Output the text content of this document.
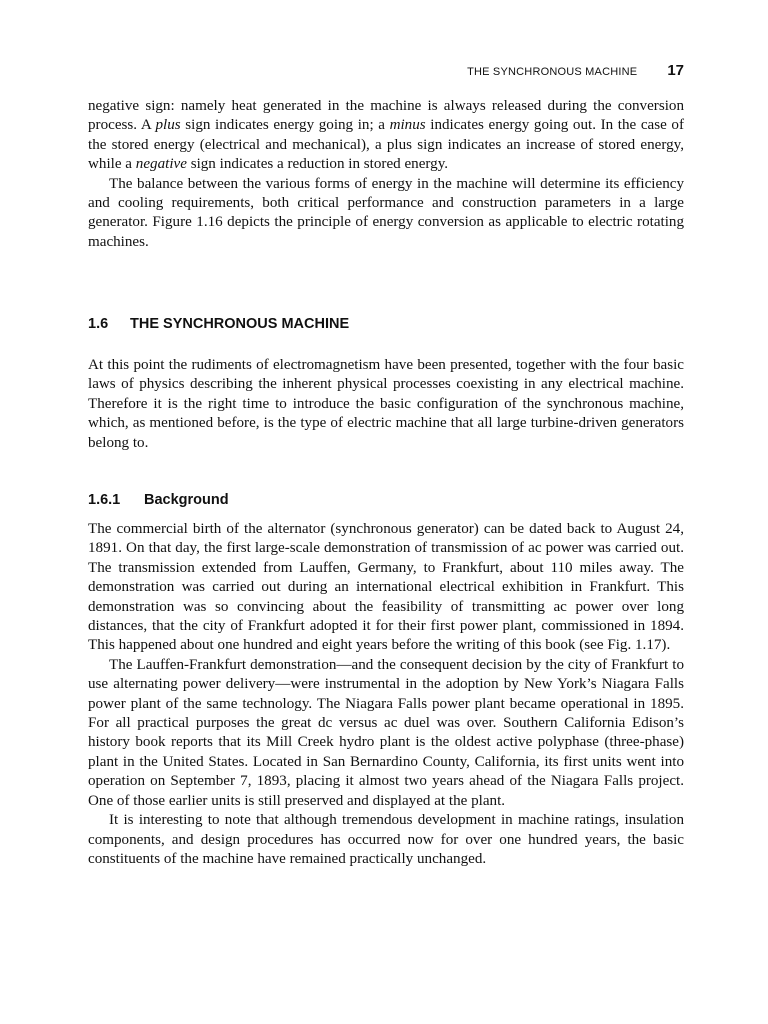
THE SYNCHRONOUS MACHINE 17

negative sign: namely heat generated in the machine is always released during the conversion process. A plus sign indicates energy going in; a minus indicates energy going out. In the case of the stored energy (electrical and mechanical), a plus sign indicates an increase of stored energy, while a negative sign indicates a reduction in stored energy.

The balance between the various forms of energy in the machine will determine its efficiency and cooling requirements, both critical performance and construction parameters in a large generator. Figure 1.16 depicts the principle of energy conversion as applicable to electric rotating machines.

1.6 THE SYNCHRONOUS MACHINE

At this point the rudiments of electromagnetism have been presented, together with the four basic laws of physics describing the inherent physical processes coexisting in any electrical machine. Therefore it is the right time to introduce the basic configuration of the synchronous machine, which, as mentioned before, is the type of electric machine that all large turbine-driven generators belong to.

1.6.1 Background

The commercial birth of the alternator (synchronous generator) can be dated back to August 24, 1891. On that day, the first large-scale demonstration of transmission of ac power was carried out. The transmission extended from Lauffen, Germany, to Frankfurt, about 110 miles away. The demonstration was carried out during an international electrical exhibition in Frankfurt. This demonstration was so convincing about the feasibility of transmitting ac power over long distances, that the city of Frankfurt adopted it for their first power plant, commissioned in 1894. This happened about one hundred and eight years before the writing of this book (see Fig. 1.17).

The Lauffen-Frankfurt demonstration—and the consequent decision by the city of Frankfurt to use alternating power delivery—were instrumental in the adoption by New York’s Niagara Falls power plant of the same technology. The Niagara Falls power plant became operational in 1895. For all practical purposes the great dc versus ac duel was over. Southern California Edison’s history book reports that its Mill Creek hydro plant is the oldest active polyphase (three-phase) plant in the United States. Located in San Bernardino County, California, its first units went into operation on September 7, 1893, placing it almost two years ahead of the Niagara Falls project. One of those earlier units is still preserved and displayed at the plant.

It is interesting to note that although tremendous development in machine ratings, insulation components, and design procedures has occurred now for over one hundred years, the basic constituents of the machine have remained practically unchanged.
